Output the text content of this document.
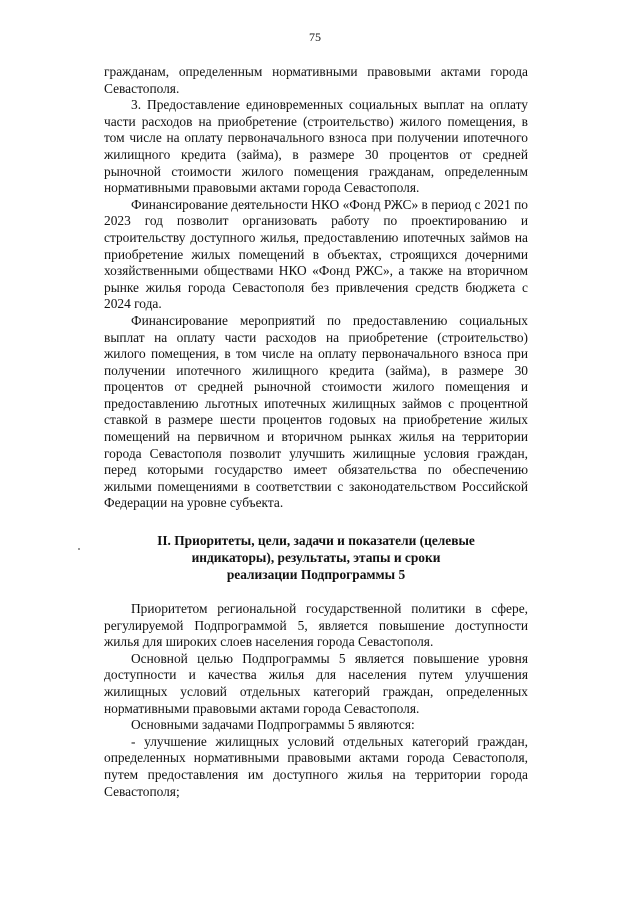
75

гражданам, определенным нормативными правовыми актами города Севастополя.

3. Предоставление единовременных социальных выплат на оплату части расходов на приобретение (строительство) жилого помещения, в том числе на оплату первоначального взноса при получении ипотечного жилищного кредита (займа), в размере 30 процентов от средней рыночной стоимости жилого помещения гражданам, определенным нормативными правовыми актами города Севастополя.

Финансирование деятельности НКО «Фонд РЖС» в период с 2021 по 2023 год позволит организовать работу по проектированию и строительству доступного жилья, предоставлению ипотечных займов на приобретение жилых помещений в объектах, строящихся дочерними хозяйственными обществами НКО «Фонд РЖС», а также на вторичном рынке жилья города Севастополя без привлечения средств бюджета с 2024 года.

Финансирование мероприятий по предоставлению социальных выплат на оплату части расходов на приобретение (строительство) жилого помещения, в том числе на оплату первоначального взноса при получении ипотечного жилищного кредита (займа), в размере 30 процентов от средней рыночной стоимости жилого помещения и предоставлению льготных ипотечных жилищных займов с процентной ставкой в размере шести процентов годовых на приобретение жилых помещений на первичном и вторичном рынках жилья на территории города Севастополя позволит улучшить жилищные условия граждан, перед которыми государство имеет обязательства по обеспечению жилыми помещениями в соответствии с законодательством Российской Федерации на уровне субъекта.

II. Приоритеты, цели, задачи и показатели (целевые
индикаторы), результаты, этапы и сроки
реализации Подпрограммы 5

Приоритетом региональной государственной политики в сфере, регулируемой Подпрограммой 5, является повышение доступности жилья для широких слоев населения города Севастополя.

Основной целью Подпрограммы 5 является повышение уровня доступности и качества жилья для населения путем улучшения жилищных условий отдельных категорий граждан, определенных нормативными правовыми актами города Севастополя.

Основными задачами Подпрограммы 5 являются:

- улучшение жилищных условий отдельных категорий граждан, определенных нормативными правовыми актами города Севастополя, путем предоставления им доступного жилья на территории города Севастополя;
